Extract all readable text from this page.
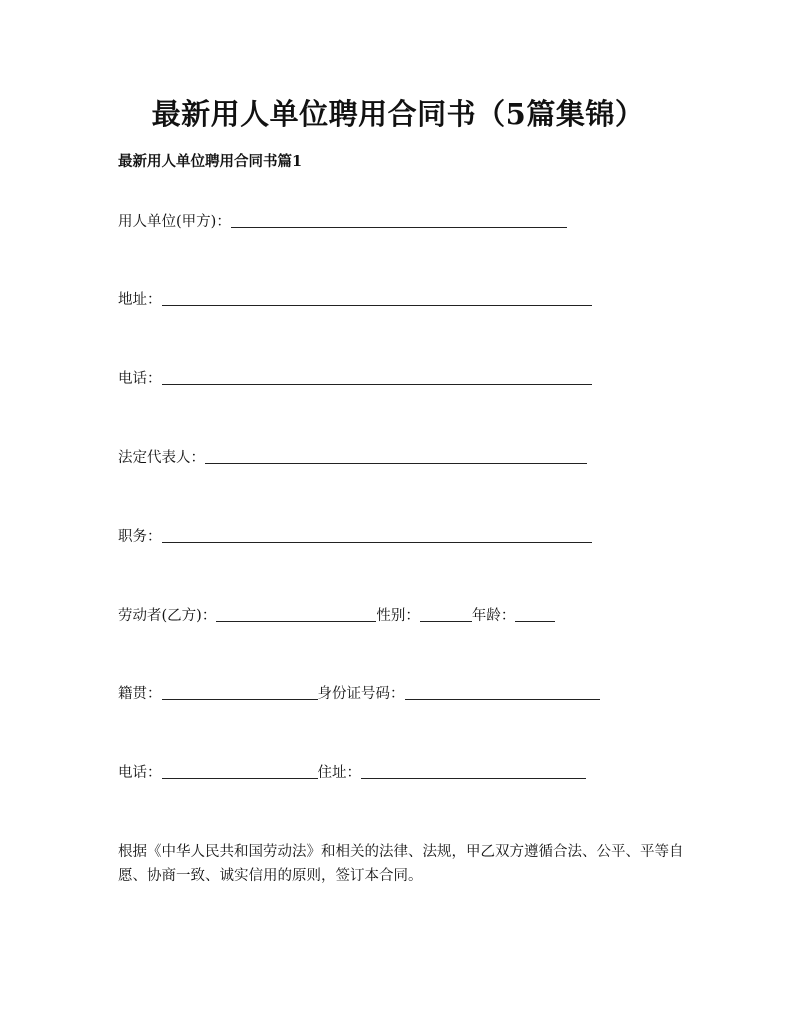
最新用人单位聘用合同书（5篇集锦）
最新用人单位聘用合同书篇1
用人单位(甲方)：
地址：
电话：
法定代表人：
职务：
劳动者(乙方)：	性别：	年龄：
籍贯：	身份证号码：
电话：	住址：
根据《中华人民共和国劳动法》和相关的法律、法规，甲乙双方遵循合法、公平、平等自愿、协商一致、诚实信用的原则，签订本合同。
